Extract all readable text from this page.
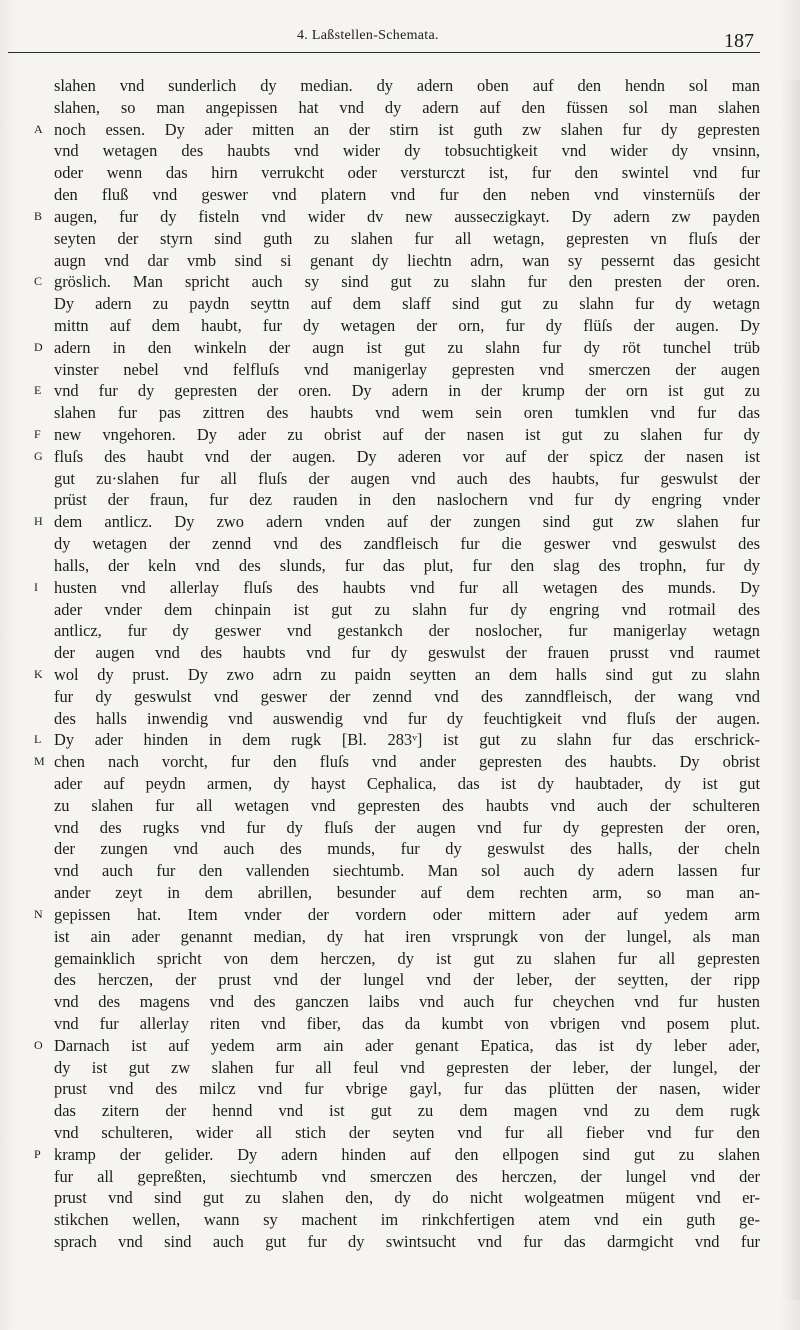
4. Laßstellen-Schemata.	187
slahen vnd sunderlich dy median. dy adern oben auf den hendn sol man
slahen, so man angepissen hat vnd dy adern auf den füssen sol man slahen
A noch essen. Dy ader mitten an der stirn ist guth zw slahen fur dy gepresten
vnd wetagen des haubts vnd wider dy tobsuchtigkeit vnd wider dy vnsinn,
oder wenn das hirn verrukcht oder versturczt ist, fur den swintel vnd fur
den fluß vnd geswer vnd platern vnd fur den neben vnd vinsternüſs der
B augen, fur dy fisteln vnd wider dv new ausseczigkayt. Dy adern zw payden
seyten der styrn sind guth zu slahen fur all wetagn, gepresten vn fluſs der
augn vnd dar vmb sind si genant dy liechtn adrn, wan sy pessernt das gesicht
C gröslich. Man spricht auch sy sind gut zu slahn fur den presten der oren.
Dy adern zu paydn seyttn auf dem slaff sind gut zu slahn fur dy wetagn
mittn auf dem haubt, fur dy wetagen der orn, fur dy flüſs der augen. Dy
D adern in den winkeln der augn ist gut zu slahn fur dy röt tunchel trüb
vinster nebel vnd felfluſs vnd manigerlay gepresten vnd smerczen der augen
E vnd fur dy gepresten der oren. Dy adern in der krump der orn ist gut zu
slahen fur pas zittren des haubts vnd wem sein oren tumklen vnd fur das
F new vngehoren. Dy ader zu obrist auf der nasen ist gut zu slahen fur dy
G fluſs des haubt vnd der augen. Dy aderen vor auf der spicz der nasen ist
gut zu·slahen fur all fluſs der augen vnd auch des haubts, fur geswulst der
prüst der fraun, fur dez rauden in den naslochern vnd fur dy engring vnder
H dem antlicz. Dy zwo adern vnden auf der zungen sind gut zw slahen fur
dy wetagen der zennd vnd des zandfleisch fur die geswer vnd geswulst des
halls, der keln vnd des slunds, fur das plut, fur den slag des trophn, fur dy
I husten vnd allerlay fluſs des haubts vnd fur all wetagen des munds. Dy
ader vnder dem chinpain ist gut zu slahn fur dy engring vnd rotmail des
antlicz, fur dy geswer vnd gestankch der noslocher, fur manigerlay wetagn
der augen vnd des haubts vnd fur dy geswulst der frauen prusst vnd raumet
K wol dy prust. Dy zwo adrn zu paidn seytten an dem halls sind gut zu slahn
fur dy geswulst vnd geswer der zennd vnd des zanndfleisch, der wang vnd
des halls inwendig vnd auswendig vnd fur dy feuchtigkeit vnd fluſs der augen.
L Dy ader hinden in dem rugk [Bl. 283ᵛ] ist gut zu slahn fur das erschrick-
M chen nach vorcht, fur den fluſs vnd ander gepresten des haubts. Dy obrist
ader auf peydn armen, dy hayst Cephalica, das ist dy haubtader, dy ist gut
zu slahen fur all wetagen vnd gepresten des haubts vnd auch der schulteren
vnd des rugks vnd fur dy fluſs der augen vnd fur dy gepresten der oren,
der zungen vnd auch des munds, fur dy geswulst des halls, der cheln
vnd auch fur den vallenden siechtumb. Man sol auch dy adern lassen fur
ander zeyt in dem abrillen, besunder auf dem rechten arm, so man an-
N gepissen hat. Item vnder der vordern oder mittern ader auf yedem arm
ist ain ader genannt median, dy hat iren vrsprungk von der lungel, als man
gemainklich spricht von dem herczen, dy ist gut zu slahen fur all gepresten
des herczen, der prust vnd der lungel vnd der leber, der seytten, der ripp
vnd des magens vnd des ganczen laibs vnd auch fur cheychen vnd fur husten
vnd fur allerlay riten vnd fiber, das da kumbt von vbrigen vnd posem plut.
O Darnach ist auf yedem arm ain ader genant Epatica, das ist dy leber ader,
dy ist gut zw slahen fur all feul vnd gepresten der leber, der lungel, der
prust vnd des milcz vnd fur vbrige gayl, fur das plütten der nasen, wider
das zitern der hennd vnd ist gut zu dem magen vnd zu dem rugk
vnd schulteren, wider all stich der seyten vnd fur all fieber vnd fur den
P kramp der gelider. Dy adern hinden auf den ellpogen sind gut zu slahen
fur all gepreßten, siechtumb vnd smerczen des herczen, der lungel vnd der
prust vnd sind gut zu slahen den, dy do nicht wolgeatmen mügent vnd er-
stikchen wellen, wann sy machent im rinkchfertigen atem vnd ein guth ge-
sprach vnd sind auch gut fur dy swintsucht vnd fur das darmgicht vnd fur
